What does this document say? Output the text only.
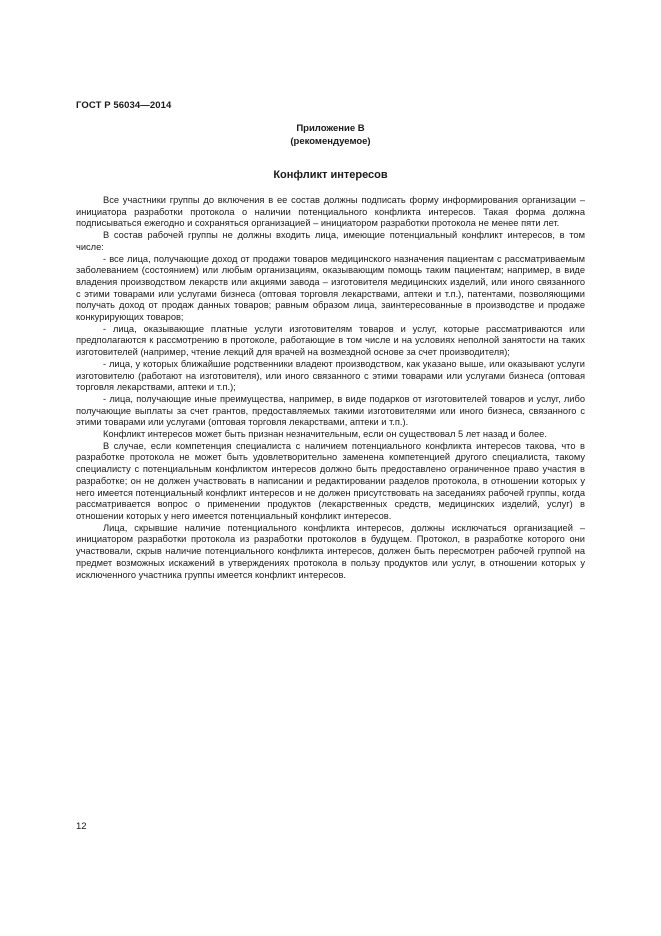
ГОСТ Р 56034—2014
Приложение В
(рекомендуемое)
Конфликт интересов

Все участники группы до включения в ее состав должны подписать форму информирования организации – инициатора разработки протокола о наличии потенциального конфликта интересов. Такая форма должна подписываться ежегодно и сохраняться организацией – инициатором разработки протокола не менее пяти лет.

В состав рабочей группы не должны входить лица, имеющие потенциальный конфликт интересов, в том числе:

- все лица, получающие доход от продажи товаров медицинского назначения пациентам с рассматриваемым заболеванием (состоянием) или любым организациям, оказывающим помощь таким пациентам; например, в виде владения производством лекарств или акциями завода – изготовителя медицинских изделий, или иного связанного с этими товарами или услугами бизнеса (оптовая торговля лекарствами, аптеки и т.п.), патентами, позволяющими получать доход от продаж данных товаров; равным образом лица, заинтересованные в производстве и продаже конкурирующих товаров;

- лица, оказывающие платные услуги изготовителям товаров и услуг, которые рассматриваются или предполагаются к рассмотрению в протоколе, работающие в том числе и на условиях неполной занятости на таких изготовителей (например, чтение лекций для врачей на возмездной основе за счет производителя);

- лица, у которых ближайшие родственники владеют производством, как указано выше, или оказывают услуги изготовителю (работают на изготовителя), или иного связанного с этими товарами или услугами бизнеса (оптовая торговля лекарствами, аптеки и т.п.);

- лица, получающие иные преимущества, например, в виде подарков от изготовителей товаров и услуг, либо получающие выплаты за счет грантов, предоставляемых такими изготовителями или иного бизнеса, связанного с этими товарами или услугами (оптовая торговля лекарствами, аптеки и т.п.).

Конфликт интересов может быть признан незначительным, если он существовал 5 лет назад и более.

В случае, если компетенция специалиста с наличием потенциального конфликта интересов такова, что в разработке протокола не может быть удовлетворительно заменена компетенцией другого специалиста, такому специалисту с потенциальным конфликтом интересов должно быть предоставлено ограниченное право участия в разработке; он не должен участвовать в написании и редактировании разделов протокола, в отношении которых у него имеется потенциальный конфликт интересов и не должен присутствовать на заседаниях рабочей группы, когда рассматривается вопрос о применении продуктов (лекарственных средств, медицинских изделий, услуг) в отношении которых у него имеется потенциальный конфликт интересов.

Лица, скрывшие наличие потенциального конфликта интересов, должны исключаться организацией – инициатором разработки протокола из разработки протоколов в будущем. Протокол, в разработке которого они участвовали, скрыв наличие потенциального конфликта интересов, должен быть пересмотрен рабочей группой на предмет возможных искажений в утверждениях протокола в пользу продуктов или услуг, в отношении которых у исключенного участника группы имеется конфликт интересов.

12
